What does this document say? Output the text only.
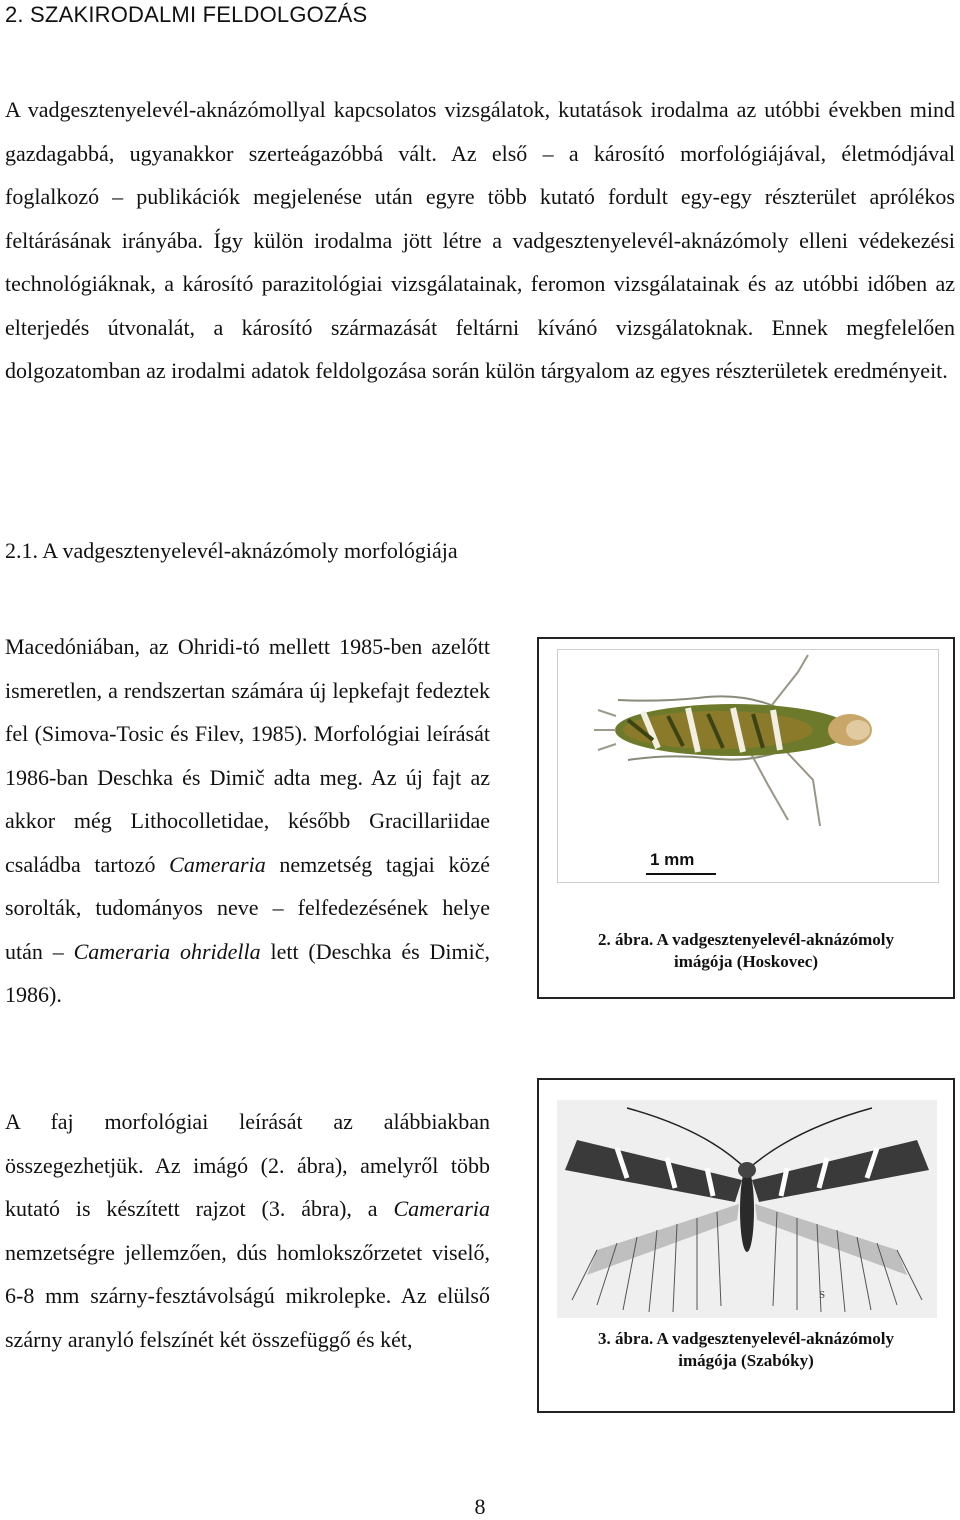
2. SZAKIRODALMI FELDOLGOZÁS
A vadgesztenyelevél-aknázómollyal kapcsolatos vizsgálatok, kutatások irodalma az utóbbi években mind gazdagabbá, ugyanakkor szerteágazóbbá vált. Az első – a károsító morfológiájával, életmódjával foglalkozó – publikációk megjelenése után egyre több kutató fordult egy-egy részterület aprólékos feltárásának irányába. Így külön irodalma jött létre a vadgesztenyelevél-aknázómoly elleni védekezési technológiáknak, a károsító parazitológiai vizsgálatainak, feromon vizsgálatainak és az utóbbi időben az elterjedés útvonalát, a károsító származását feltárni kívánó vizsgálatoknak. Ennek megfelelően dolgozatomban az irodalmi adatok feldolgozása során külön tárgyalom az egyes részterületek eredményeit.
2.1. A vadgesztenyelevél-aknázómoly morfológiája

Macedóniában, az Ohridi-tó mellett 1985-ben azelőtt ismeretlen, a rendszertan számára új lepkefajt fedeztek fel (Simova-Tosic és Filev, 1985). Morfológiai leírását 1986-ban Deschka és Dimič adta meg. Az új fajt az akkor még Lithocolletidae, később Gracillariidae családba tartozó Cameraria nemzetség tagjai közé sorolták, tudományos neve – felfedezésének helye után – Cameraria ohridella lett (Deschka és Dimič, 1986).

A faj morfológiai leírását az alábbiakban összegezhetjük. Az imágó (2. ábra), amelyről több kutató is készített rajzot (3. ábra), a Cameraria nemzetségre jellemzően, dús homlokszőrzetet viselő, 6-8 mm szárny-fesztávolságú mikrolepke. Az elülső szárny aranyló felszínét két összefüggő és két,

1 mm
2. ábra. A vadgesztenyelevél-aknázómoly
imágója (Hoskovec)
S
3. ábra. A vadgesztenyelevél-aknázómoly
imágója (Szabóky)
8
